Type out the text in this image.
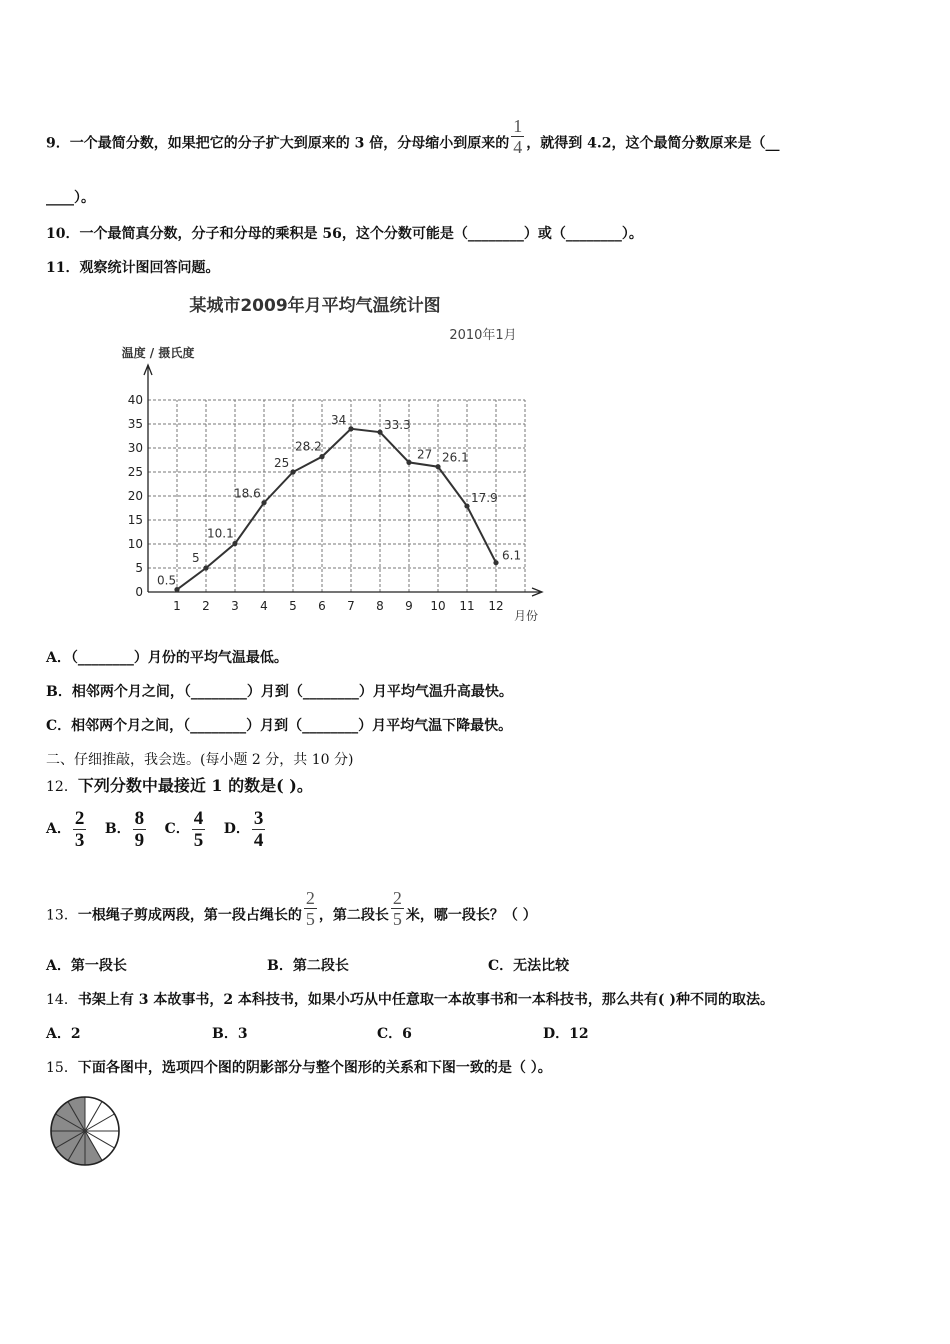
9．一个最简分数，如果把它的分子扩大到原来的 3 倍，分母缩小到原来的 $\frac{1}{4}$ ，就得到 4.2，这个最简分数原来是（__
____）。
10．一个最简真分数，分子和分母的乘积是 56，这个分数可能是（________）或（________）。
11．观察统计图回答问题。
某城市2009年月平均气温统计图
2010年1月
温度 / 摄氏度
月份
0
5
10
15
20
25
30
35
40
1 2 3 4 5 6 7 8 9 10 11 12
0.5
5
10.1
18.6
25
28.2
34	33.3
27 26.1
17.9
6.1
A．（________）月份的平均气温最低。
B．相邻两个月之间，（________）月到（________）月平均气温升高最快。
C．相邻两个月之间，（________）月到（________）月平均气温下降最快。
二、仔细推敲，我会选。(每小题 2 分，共 10 分)
12．下列分数中最接近 1 的数是( )。
A． $\frac{2}{3}$ B． $\frac{8}{9}$ C． $\frac{4}{5}$ D． $\frac{3}{4}$
13．一根绳子剪成两段，第一段占绳长的 $\frac{2}{5}$ ，第二段长 $\frac{2}{5}$ 米，哪一段长？（ ）
A．第一段长	B．第二段长	C．无法比较
14．书架上有 3 本故事书，2 本科技书，如果小巧从中任意取一本故事书和一本科技书，那么共有( )种不同的取法。
A．2	B．3	C．6	D．12
15．下面各图中，选项四个图的阴影部分与整个图形的关系和下图一致的是（ ）。
